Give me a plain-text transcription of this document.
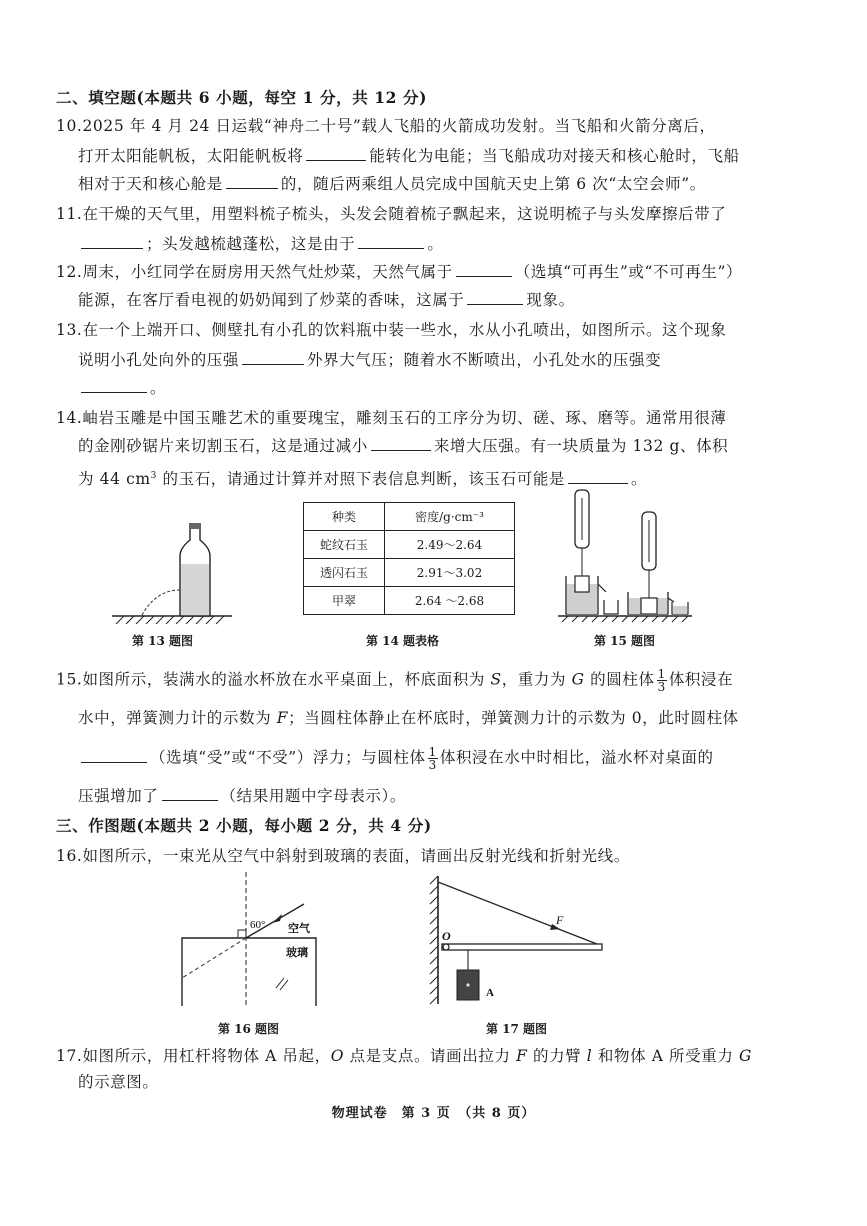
二、填空题(本题共 6 小题，每空 1 分，共 12 分)
10.2025 年 4 月 24 日运载“神舟二十号”载人飞船的火箭成功发射。当飞船和火箭分离后，
打开太阳能帆板，太阳能帆板将	能转化为电能；当飞船成功对接天和核心舱时，飞船
相对于天和核心舱是	的，随后两乘组人员完成中国航天史上第 6 次“太空会师”。
11.在干燥的天气里，用塑料梳子梳头，头发会随着梳子飘起来，这说明梳子与头发摩擦后带了
；头发越梳越蓬松，这是由于	。
12.周末，小红同学在厨房用天然气灶炒菜，天然气属于	（选填“可再生”或“不可再生”）
能源，在客厅看电视的奶奶闻到了炒菜的香味，这属于	现象。
13.在一个上端开口、侧壁扎有小孔的饮料瓶中装一些水，水从小孔喷出，如图所示。这个现象
说明小孔处向外的压强	外界大气压；随着水不断喷出，小孔处水的压强变
。
14.岫岩玉雕是中国玉雕艺术的重要瑰宝，雕刻玉石的工序分为切、磋、琢、磨等。通常用很薄
的金刚砂锯片来切割玉石，这是通过减小	来增大压强。有一块质量为 132 g、体积
为 44 $cm^3$ 的玉石，请通过计算并对照下表信息判断，该玉石可能是	。
第 13 题图
种类	密度/g·cm⁻³
蛇纹石玉	2.49～2.64
透闪石玉	2.91～3.02
甲翠	2.64 ～2.68
第 14 题表格	第 15 题图
15.如图所示，装满水的溢水杯放在水平桌面上，杯底面积为 S，重力为 G 的圆柱体 $\frac{1}{3}$ 体积浸在
水中，弹簧测力计的示数为 F；当圆柱体静止在杯底时，弹簧测力计的示数为 0，此时圆柱体
（选填“受”或“不受”）浮力；与圆柱体 $\frac{1}{3}$ 体积浸在水中时相比，溢水杯对桌面的
压强增加了	（结果用题中字母表示）。
三、作图题(本题共 2 小题，每小题 2 分，共 4 分)
16.如图所示，一束光从空气中斜射到玻璃的表面，请画出反射光线和折射光线。
60° 空气
玻璃
第 16 题图
O
F
A
第 17 题图
17.如图所示，用杠杆将物体 A 吊起，O 点是支点。请画出拉力 F 的力臂 l 和物体 A 所受重力 G
的示意图。
物理试卷　第 3 页　（共 8 页）
